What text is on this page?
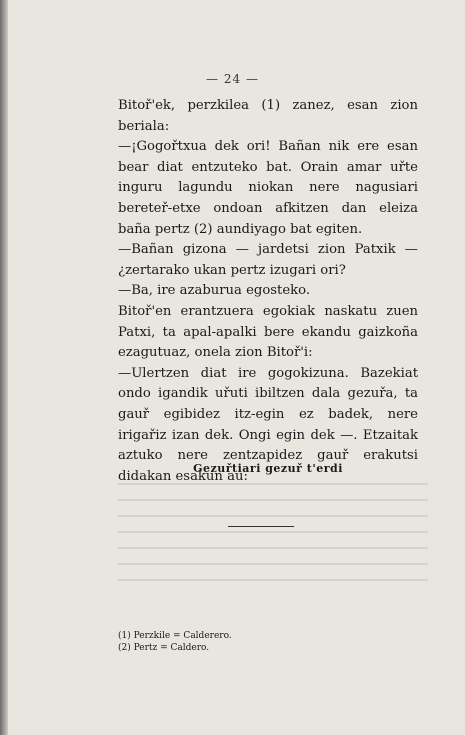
— 24 —

Bitoř'ek, perzkilea (1) zanez, esan zion beriala:

—¡Gogořtxua dek ori! Bañan nik ere esan bear diat entzuteko bat. Orain amar uřte inguru lagundu niokan nere nagusiari bereteř-etxe ondoan afkitzen dan eleiza baña pertz (2) aundiyago bat egiten.

—Bañan gizona — jardetsi zion Patxik — ¿zertarako ukan pertz izugari ori?

—Ba, ire azaburua egosteko.

Bitoř'en erantzuera egokiak naskatu zuen Patxi, ta apal-apalki bere ekandu gaizkoña ezagutuaz, onela zion Bitoř'i:

—Ulertzen diat ire gogokizuna. Bazekiat ondo igandik uřuti ibiltzen dala gezuřa, ta gauř egibidez itz-egin ez badek, nere irigařiz izan dek. Ongi egin dek —. Etzaitak aztuko nere zentzapidez gauř erakutsi didakan esakun au:

Gezuřtiari gezuř t'erdi
(1) Perzkile = Calderero.
(2) Pertz = Caldero.
